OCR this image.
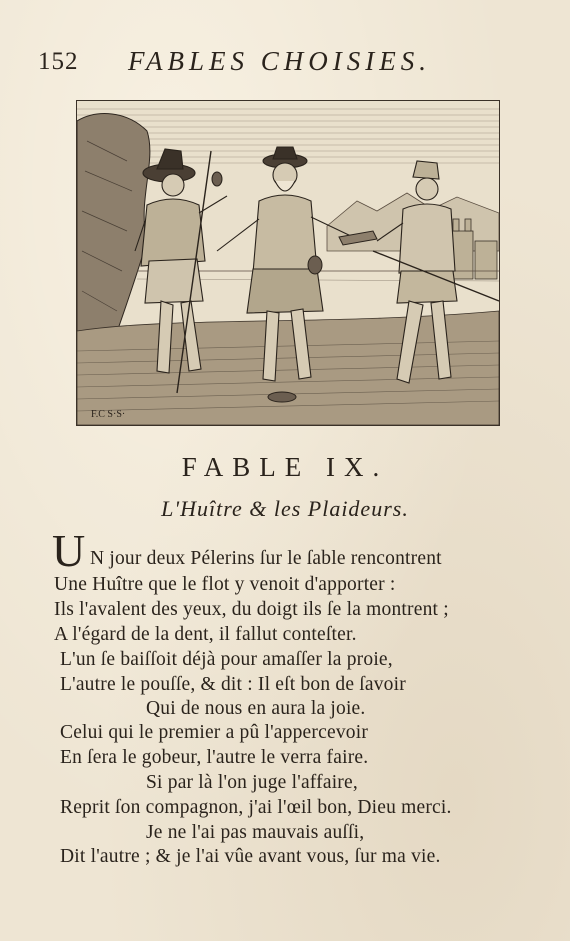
152 FABLES CHOISIES.
F.C S·S·
FABLE IX.
L'Huître & les Plaideurs.
U N jour deux Pélerins ſur le ſable rencontrent
Une Huître que le flot y venoit d'apporter :
Ils l'avalent des yeux, du doigt ils ſe la montrent ;
A l'égard de la dent, il fallut conteſter.
L'un ſe baiſſoit déjà pour amaſſer la proie,
L'autre le pouſſe, & dit : Il eſt bon de ſavoir
Qui de nous en aura la joie.
Celui qui le premier a pû l'appercevoir
En ſera le gobeur, l'autre le verra faire.
Si par là l'on juge l'affaire,
Reprit ſon compagnon, j'ai l'œil bon, Dieu merci.
Je ne l'ai pas mauvais auſſi,
Dit l'autre ; & je l'ai vûe avant vous, ſur ma vie.
